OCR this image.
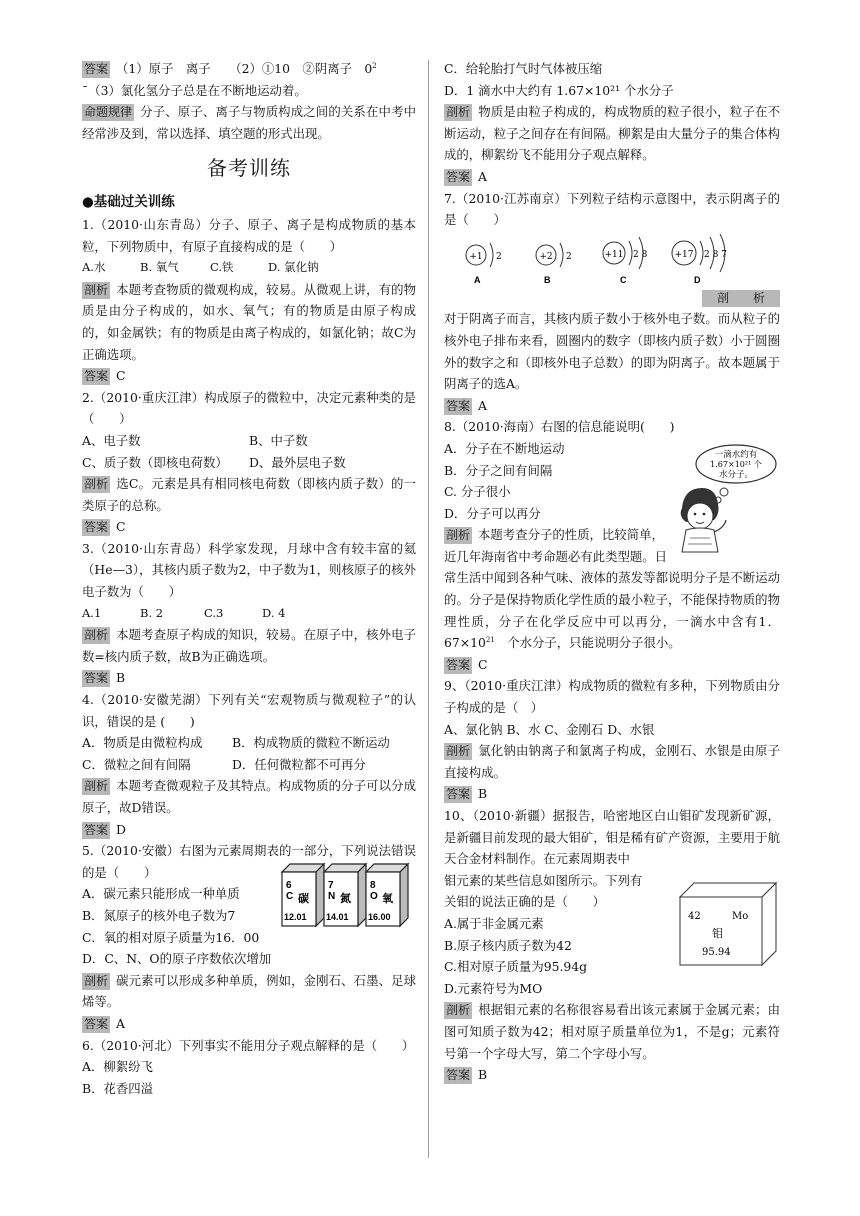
答案 （1）原子　离子　　（2）①10　②阴离子　$0^2$

¯（3）氯化氢分子总是在不断地运动着。

命题规律 分子、原子、离子与物质构成之间的关系在中考中经常涉及到，常以选择、填空题的形式出现。

备考训练

●基础过关训练

1.（2010·山东青岛）分子、原子、离子是构成物质的基本粒，下列物质中，有原子直接构成的是（　　）

A.水	B. 氧气	C.铁	D. 氯化钠

剖析 本题考查物质的微观构成，较易。从微观上讲，有的物质是由分子构成的，如水、氧气；有的物质是由原子构成的，如金属铁；有的物质是由离子构成的，如氯化钠；故C为正确选项。

答案 C

2.（2010·重庆江津）构成原子的微粒中，决定元素种类的是（　　）

A、电子数	B、中子数

C、质子数（即核电荷数）	D、最外层电子数

剖析 选C。元素是具有相同核电荷数（即核内质子数）的一类原子的总称。

答案 C

3.（2010·山东青岛）科学家发现，月球中含有较丰富的氦（He—3），其核内质子数为2，中子数为1，则核原子的核外电子数为（　　）

A.1	B. 2	C.3	D. 4

剖析 本题考查原子构成的知识，较易。在原子中，核外电子数=核内质子数，故B为正确选项。

答案 B

4.（2010·安徽芜湖）下列有关“宏观物质与微观粒子”的认识，错误的是 (　　)

A．物质是由微粒构成	B．构成物质的微粒不断运动

C．微粒之间有间隔	D．任何微粒都不可再分

剖析 本题考查微观粒子及其特点。构成物质的分子可以分成原子，故D错误。

答案 D

5.（2010·安徽）右图为元素周期表的一部分，下列说法错误的是（　　）

A．碳元素只能形成一种单质

B．氮原子的核外电子数为7

C．氧的相对原子质量为16．00

D．C、N、O的原子序数依次增加

6
C 碳
12.01
7
N 氮
14.01
8
O 氧
16.00

剖析 碳元素可以形成多种单质，例如，金刚石、石墨、足球烯等。

答案 A

6.（2010·河北）下列事实不能用分子观点解释的是（　　）

A．柳絮纷飞

B．花香四溢

C．给轮胎打气时气体被压缩

D．1 滴水中大约有 1.67×10²¹ 个水分子

剖析 物质是由粒子构成的，构成物质的粒子很小，粒子在不断运动，粒子之间存在有间隔。柳絮是由大量分子的集合体构成的，柳絮纷飞不能用分子观点解释。

答案 A

7.（2010·江苏南京）下列粒子结构示意图中，表示阴离子的是（　　）

+1 2
A
+2 2
B
+11 2 8
C
+17 2 8 7
D

剖　　析

对于阴离子而言，其核内质子数小于核外电子数。而从粒子的核外电子排布来看，圆圈内的数字（即核内质子数）小于圆圈外的数字之和（即核外电子总数）的即为阴离子。故本题属于阴离子的选A。

答案 A

8.（2010·海南）右图的信息能说明(　　)

A．分子在不断地运动

B．分子之间有间隔

C. 分子很小

D．分子可以再分

剖析 本题考查分子的性质，比较简单，

近几年海南省中考命题必有此类型题。日

一滴水约有
1.67×10²¹ 个
水分子。

常生活中闻到各种气味、液体的蒸发等都说明分子是不断运动的。分子是保持物质化学性质的最小粒子，不能保持物质的物理性质，分子在化学反应中可以再分，一滴水中含有1．$67\times 10^{21}$　个水分子，只能说明分子很小。

答案 C

9、（2010·重庆江津）构成物质的微粒有多种，下列物质由分子构成的是（　）

A、氯化钠 B、水 C、金刚石 D、水银

剖析 氯化钠由钠离子和氯离子构成，金刚石、水银是由原子直接构成。

答案 B

10、（2010·新疆）据报告，哈密地区白山钼矿发现新矿源，是新疆目前发现的最大钼矿，钼是稀有矿产资源，主要用于航天合金材料制作。在元素周期表中

钼元素的某些信息如图所示。下列有

关钼的说法正确的是（　　）

A.属于非金属元素

B.原子核内质子数为42

C.相对原子质量为95.94g

D.元素符号为MO

42	Mo
钼
95.94

剖析 根据钼元素的名称很容易看出该元素属于金属元素；由图可知质子数为42；相对原子质量单位为1，不是g；元素符号第一个字母大写，第二个字母小写。

答案 B
